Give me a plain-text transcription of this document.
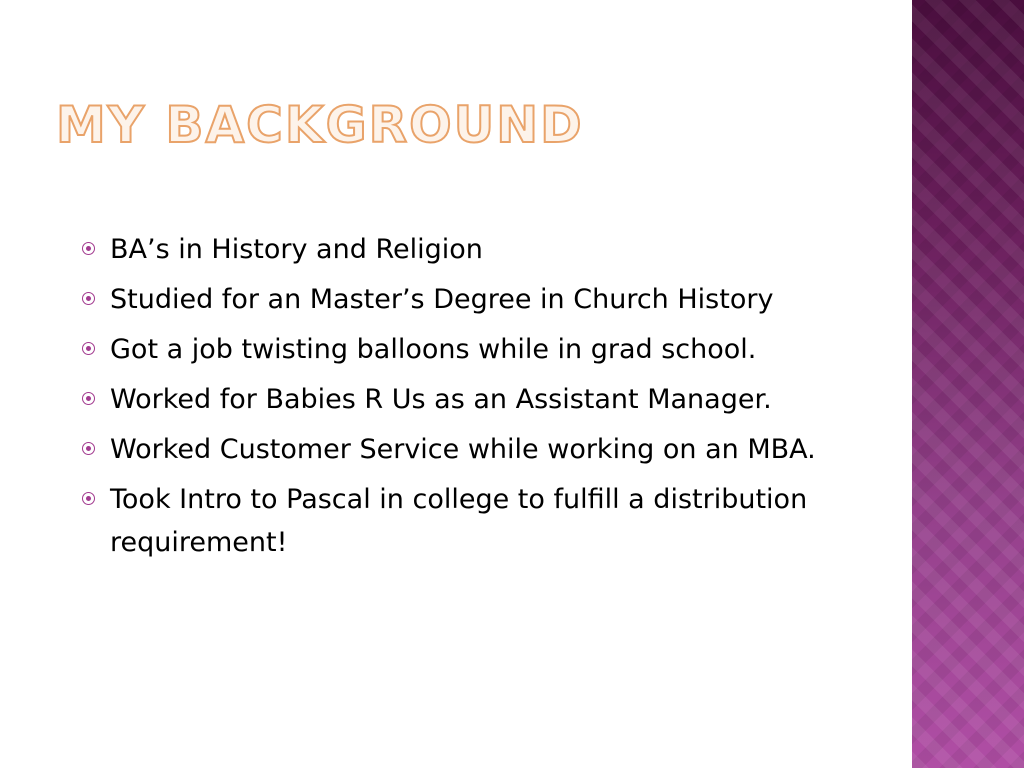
MY BACKGROUND
BA’s in History and Religion
Studied for an Master’s Degree in Church History
Got a job twisting balloons while in grad school.
Worked for Babies R Us as an Assistant Manager.
Worked Customer Service while working on an MBA.
Took Intro to Pascal in college to fulfill a distribution requirement!
